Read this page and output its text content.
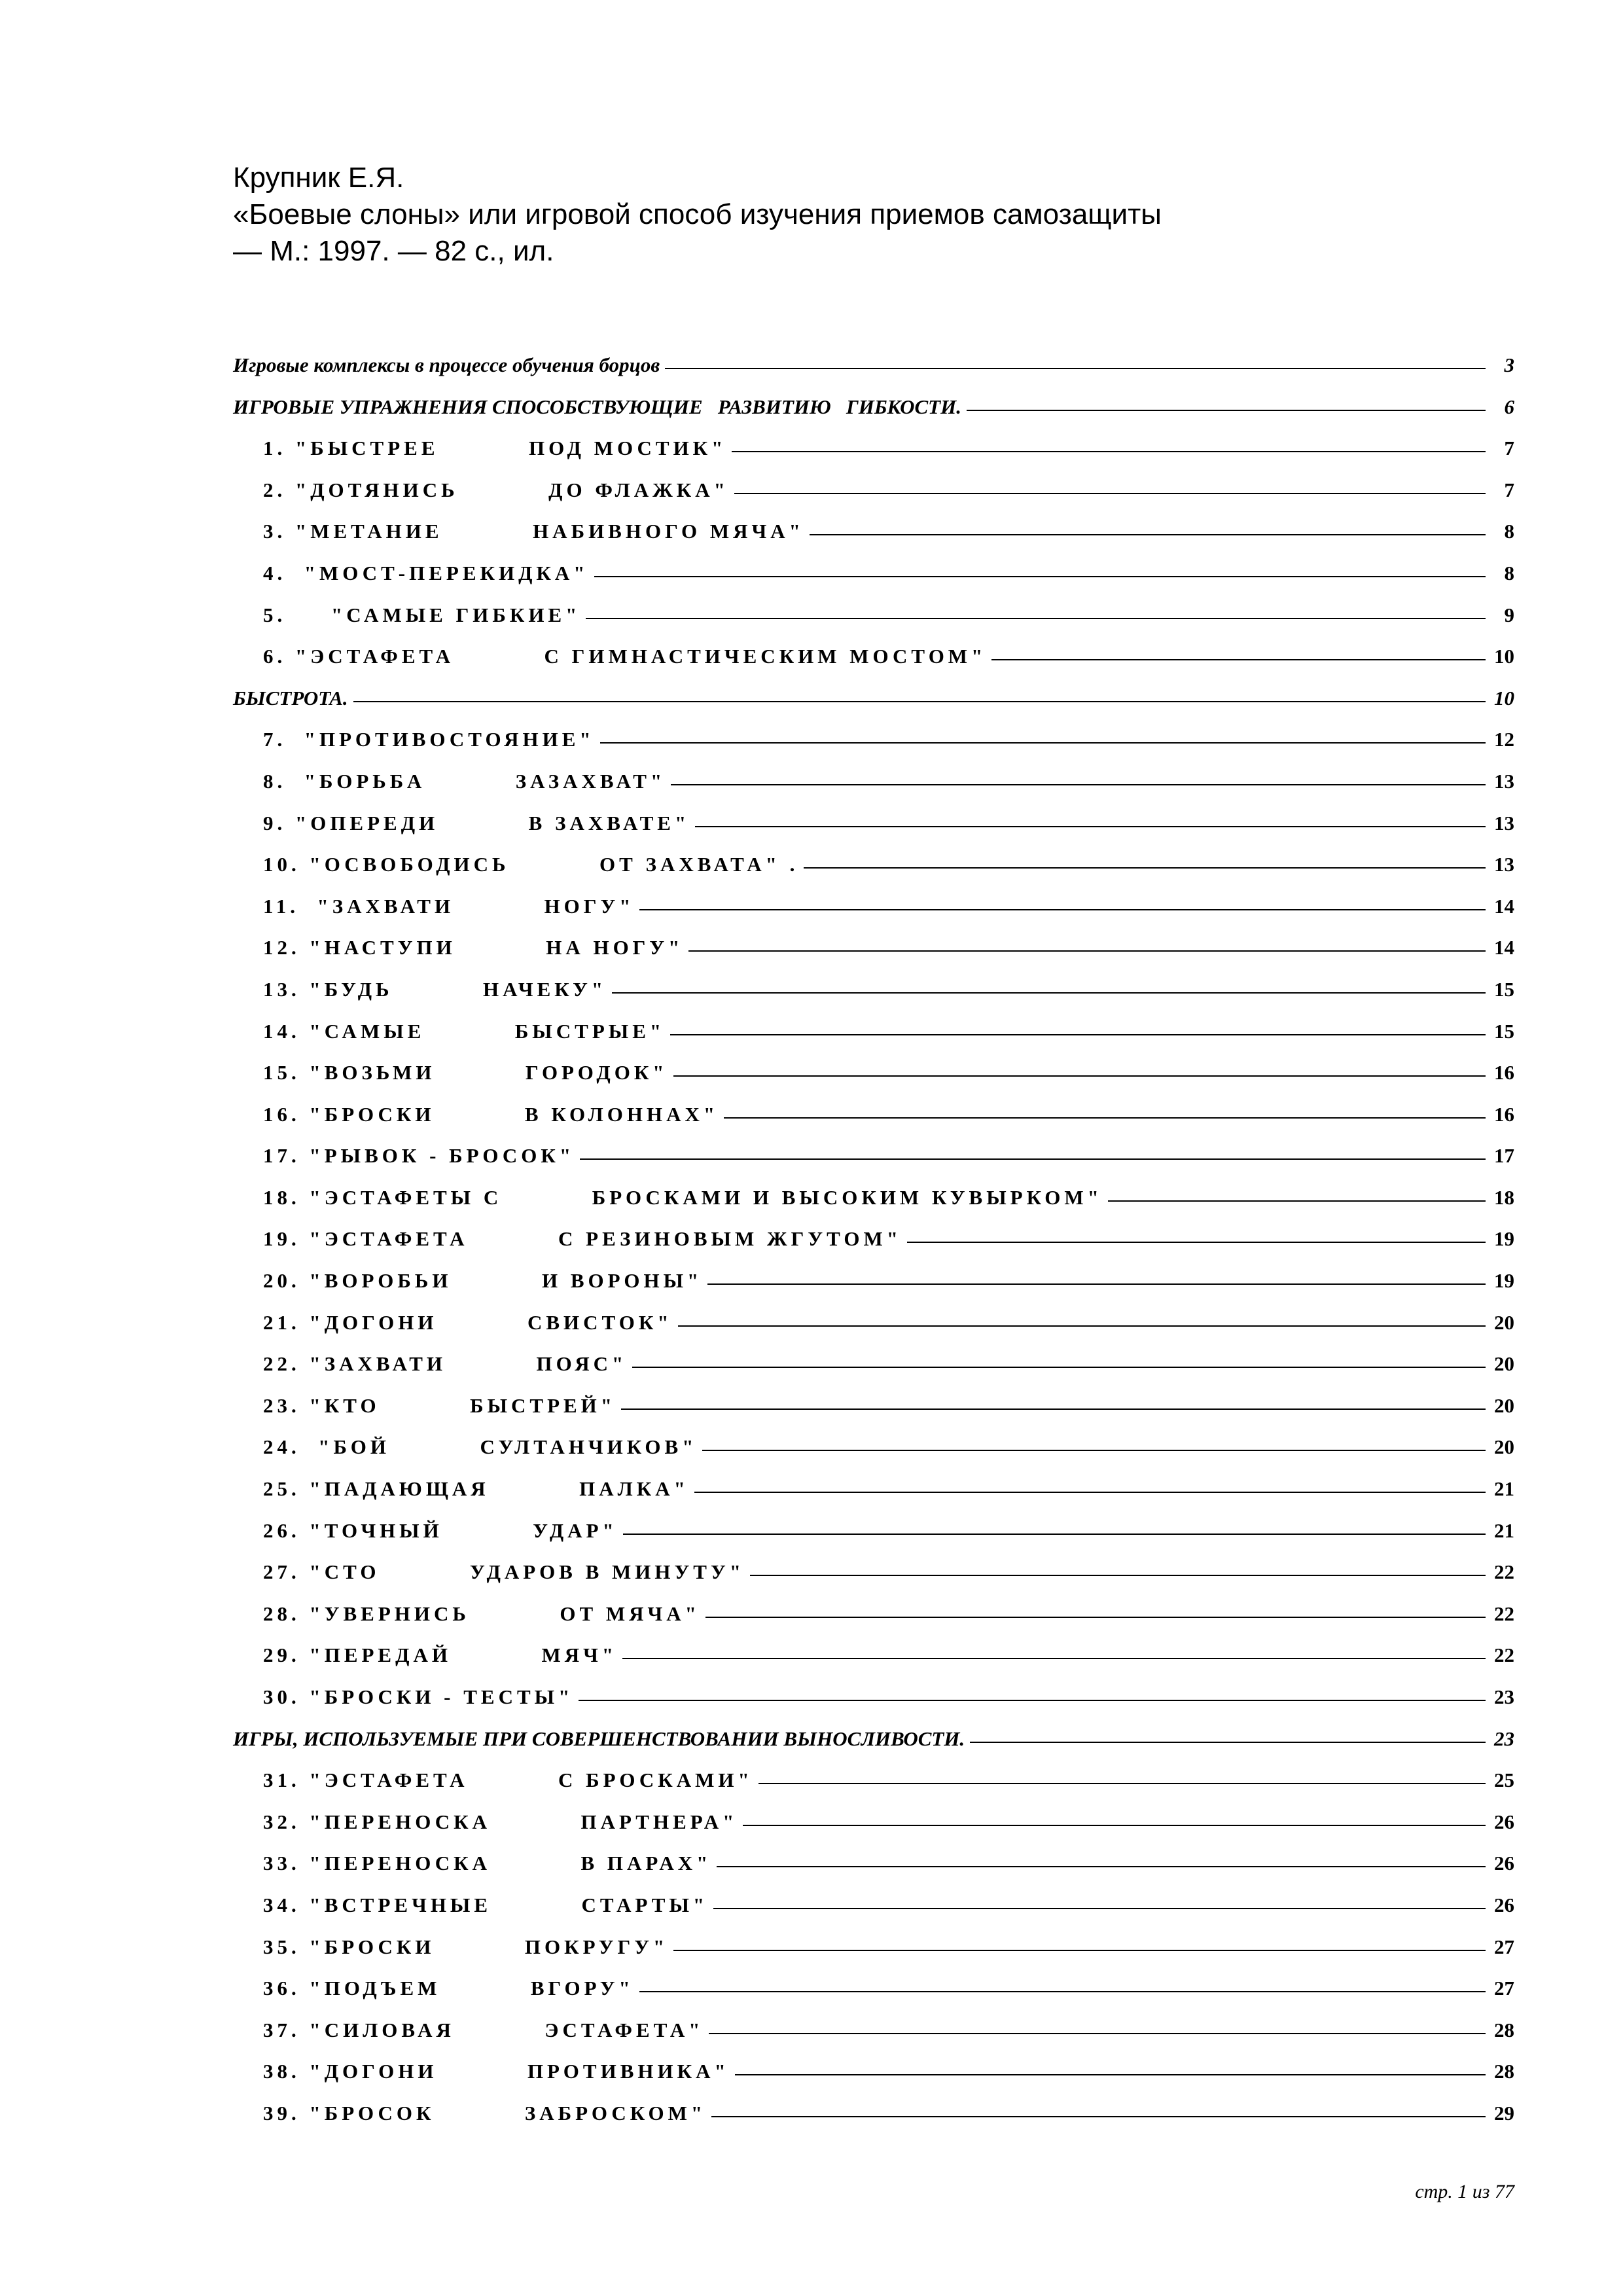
Крупник Е.Я.
«Боевые слоны» или игровой способ изучения приемов самозащиты
— М.: 1997. — 82 с., ил.
Игровые комплексы в процессе обучения борцов	3
ИГРОВЫЕ УПРАЖНЕНИЯ СПОСОБСТВУЮЩИЕ   РАЗВИТИЮ   ГИБКОСТИ.	6
1. "БЫСТРЕЕ          ПОД МОСТИК"	7
2. "ДОТЯНИСЬ          ДО ФЛАЖКА"	7
3. "МЕТАНИЕ          НАБИВНОГО МЯЧА"	8
4.  "МОСТ-ПЕРЕКИДКА"	8
5.     "САМЫЕ ГИБКИЕ"	9
6. "ЭСТАФЕТА          С ГИМНАСТИЧЕСКИМ МОСТОМ"	10
БЫСТРОТА.	10
7.  "ПРОТИВОСТОЯНИЕ"	12
8.  "БОРЬБА          ЗАЗАХВАТ"	13
9. "ОПЕРЕДИ          В ЗАХВАТЕ"	13
10. "ОСВОБОДИСЬ          ОТ ЗАХВАТА" .	13
11.  "ЗАХВАТИ          НОГУ"	14
12. "НАСТУПИ          НА НОГУ"	14
13. "БУДЬ          НАЧЕКУ"	15
14. "САМЫЕ          БЫСТРЫЕ"	15
15. "ВОЗЬМИ          ГОРОДОК"	16
16. "БРОСКИ          В КОЛОННАХ"	16
17. "РЫВОК - БРОСОК"	17
18. "ЭСТАФЕТЫ С          БРОСКАМИ И ВЫСОКИМ КУВЫРКОМ"	18
19. "ЭСТАФЕТА          С РЕЗИНОВЫМ ЖГУТОМ"	19
20. "ВОРОБЬИ          И ВОРОНЫ"	19
21. "ДОГОНИ          СВИСТОК"	20
22. "ЗАХВАТИ          ПОЯС"	20
23. "КТО          БЫСТРЕЙ"	20
24.  "БОЙ          СУЛТАНЧИКОВ"	20
25. "ПАДАЮЩАЯ          ПАЛКА"	21
26. "ТОЧНЫЙ          УДАР"	21
27. "СТО          УДАРОВ В МИНУТУ"	22
28. "УВЕРНИСЬ          ОТ МЯЧА"	22
29. "ПЕРЕДАЙ          МЯЧ"	22
30. "БРОСКИ - ТЕСТЫ"	23
ИГРЫ, ИСПОЛЬЗУЕМЫЕ ПРИ СОВЕРШЕНСТВОВАНИИ ВЫНОСЛИВОСТИ.	23
31. "ЭСТАФЕТА          С БРОСКАМИ"	25
32. "ПЕРЕНОСКА          ПАРТНЕРА"	26
33. "ПЕРЕНОСКА          В ПАРАХ"	26
34. "ВСТРЕЧНЫЕ          СТАРТЫ"	26
35. "БРОСКИ          ПОКРУГУ"	27
36. "ПОДЪЕМ          ВГОРУ"	27
37. "СИЛОВАЯ          ЭСТАФЕТА"	28
38. "ДОГОНИ          ПРОТИВНИКА"	28
39. "БРОСОК          ЗАБРОСКОМ"	29
стр. 1 из 77
